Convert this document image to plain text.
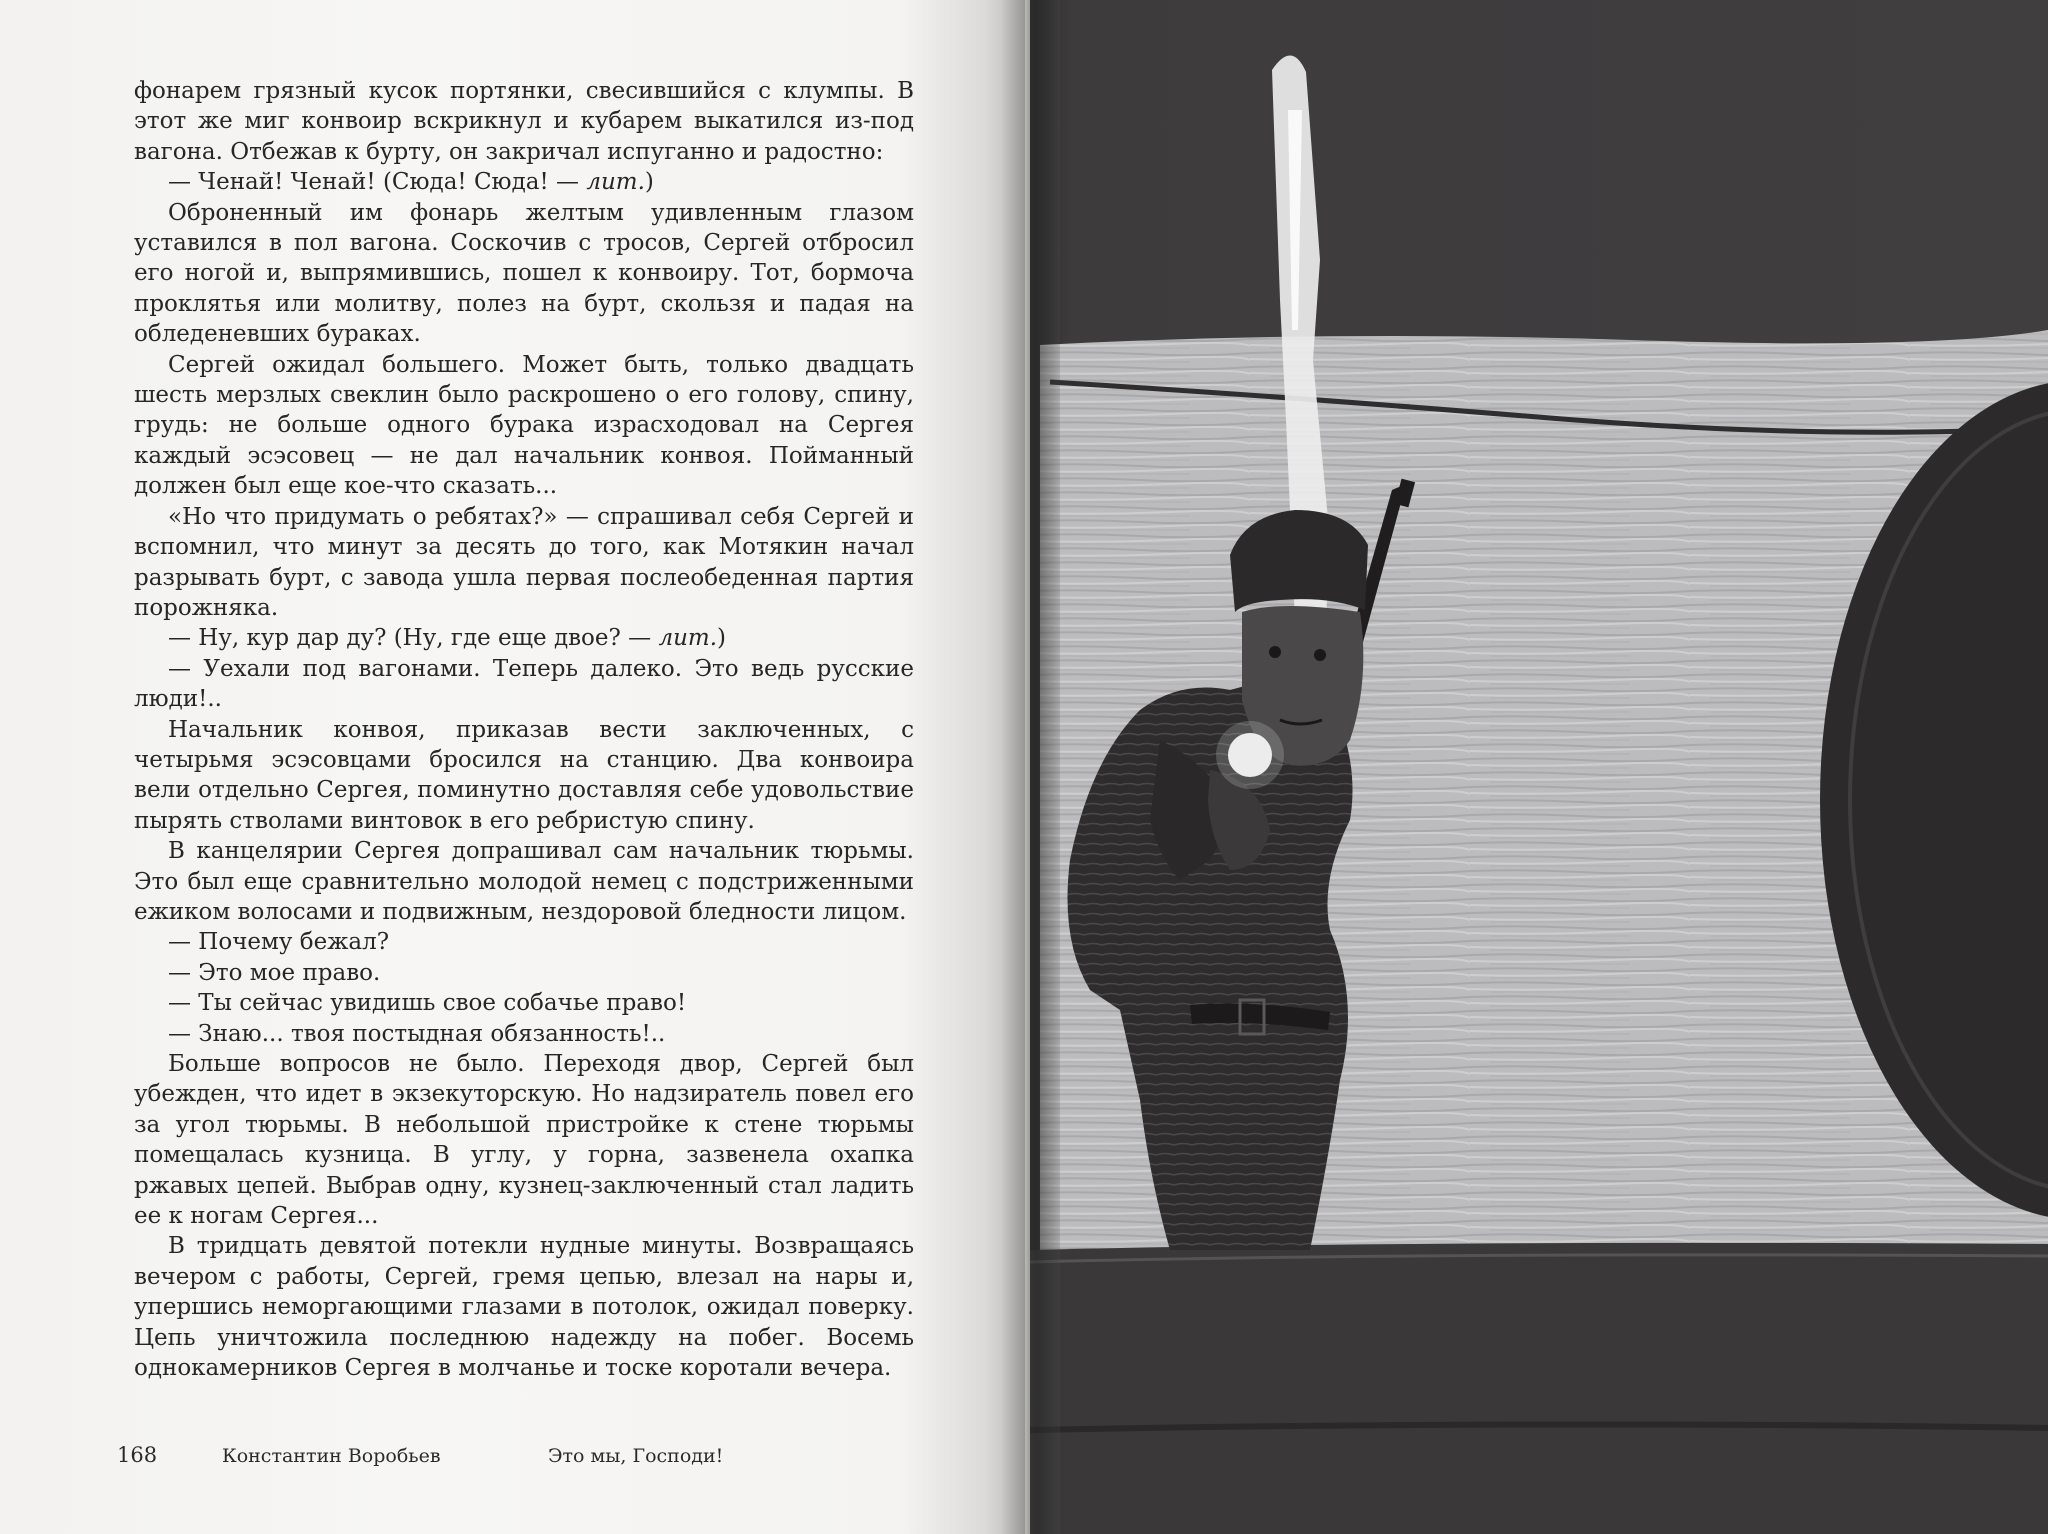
фонарем грязный кусок портянки, свесившийся с клумпы. В этот же миг конвоир вскрикнул и кубарем выкатился из-под вагона. Отбежав к бурту, он закричал испуганно и радостно:

— Ченай! Ченай! (Сюда! Сюда! — лит.)

Оброненный им фонарь желтым удивленным глазом уставился в пол вагона. Соскочив с тросов, Сергей отбросил его ногой и, выпрямившись, пошел к конвоиру. Тот, бормоча проклятья или молитву, полез на бурт, скользя и падая на обледеневших бураках.

Сергей ожидал большего. Может быть, только двадцать шесть мерзлых свеклин было раскрошено о его голову, спину, грудь: не больше одного бурака израсходовал на Сергея каждый эсэсовец — не дал начальник конвоя. Пойманный должен был еще кое-что сказать...

«Но что придумать о ребятах?» — спрашивал себя Сергей и вспомнил, что минут за десять до того, как Мотякин начал разрывать бурт, с завода ушла первая послеобеденная партия порожняка.

— Ну, кур дар ду? (Ну, где еще двое? — лит.)

— Уехали под вагонами. Теперь далеко. Это ведь русские люди!..

Начальник конвоя, приказав вести заключенных, с четырьмя эсэсовцами бросился на станцию. Два конвоира вели отдельно Сергея, поминутно доставляя себе удовольствие пырять стволами винтовок в его ребристую спину.

В канцелярии Сергея допрашивал сам начальник тюрьмы. Это был еще сравнительно молодой немец с подстриженными ежиком волосами и подвижным, нездоровой бледности лицом.

— Почему бежал?

— Это мое право.

— Ты сейчас увидишь свое собачье право!

— Знаю... твоя постыдная обязанность!..

Больше вопросов не было. Переходя двор, Сергей был убежден, что идет в экзекуторскую. Но надзиратель повел его за угол тюрьмы. В небольшой пристройке к стене тюрьмы помещалась кузница. В углу, у горна, зазвенела охапка ржавых цепей. Выбрав одну, кузнец-заключенный стал ладить ее к ногам Сергея...

В тридцать девятой потекли нудные минуты. Возвращаясь вечером с работы, Сергей, гремя цепью, влезал на нары и, упершись неморгающими глазами в потолок, ожидал поверку. Цепь уничтожила последнюю надежду на побег. Восемь однокамерников Сергея в молчанье и тоске коротали вечера.

168	Константин Воробьев	Это мы, Господи!
